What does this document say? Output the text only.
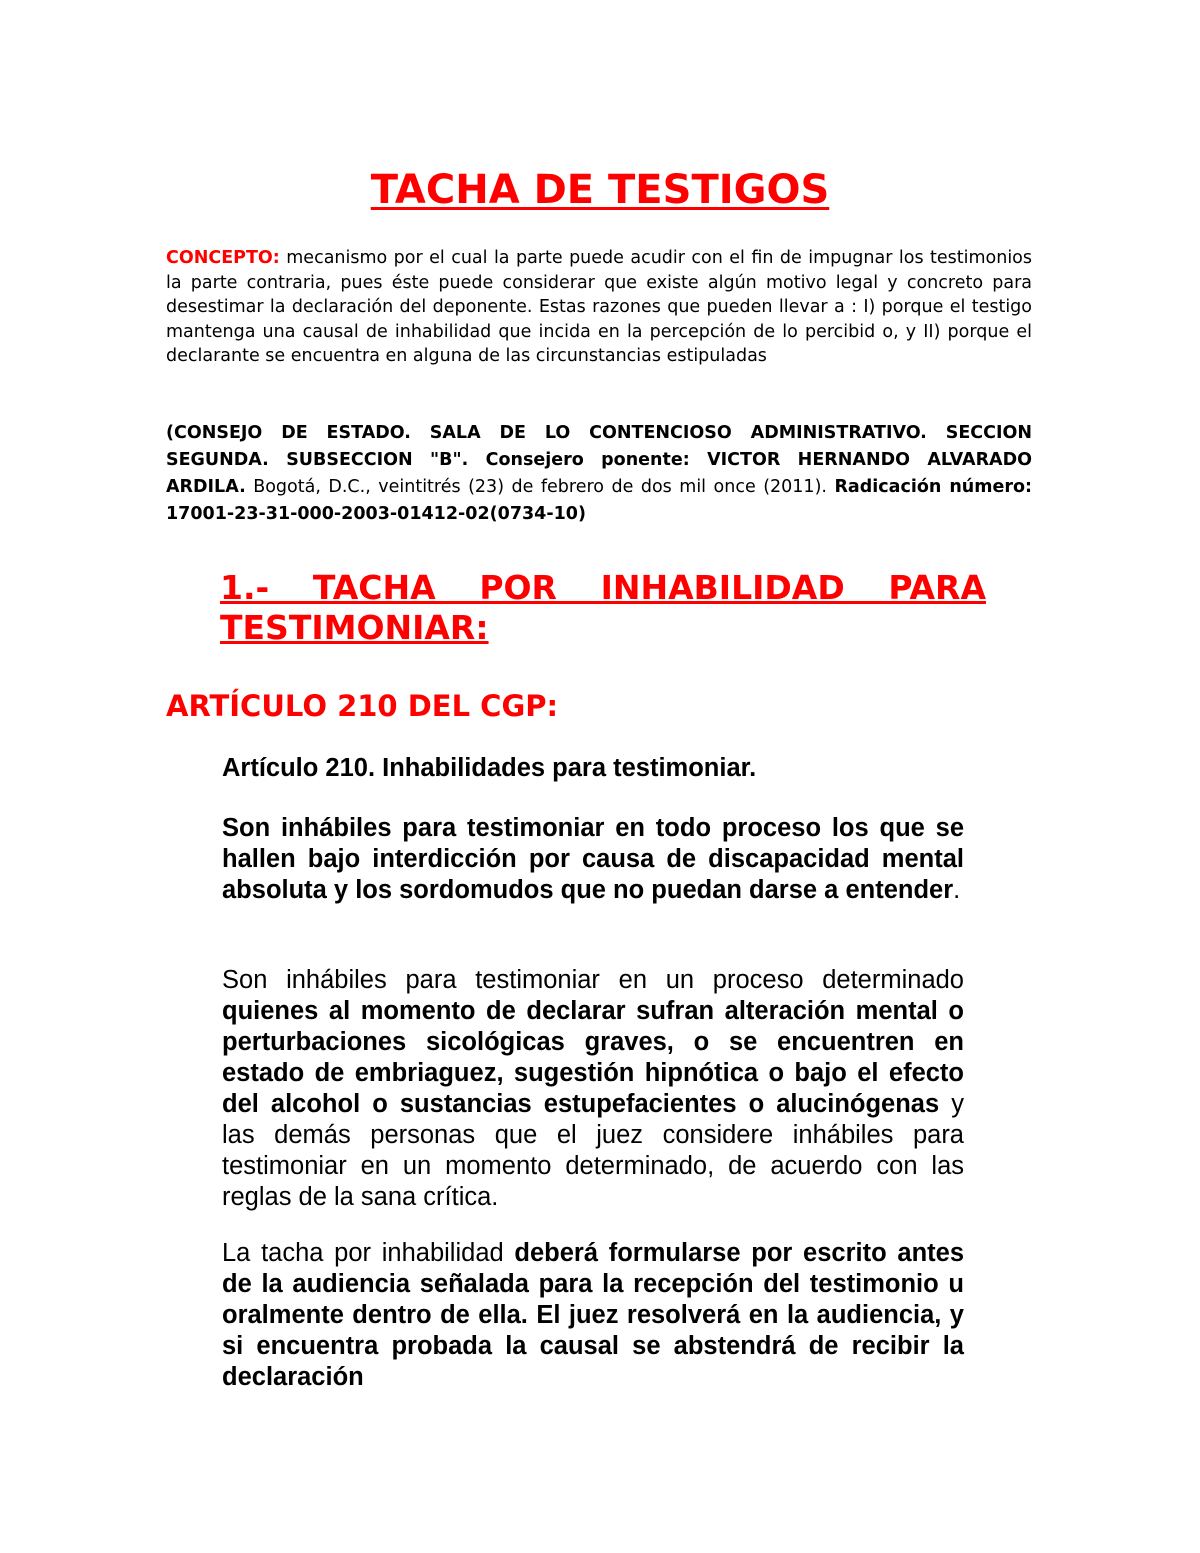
TACHA DE TESTIGOS

CONCEPTO: mecanismo por el cual la parte puede acudir con el fin de impugnar los testimonios la parte contraria, pues éste puede considerar que existe algún motivo legal y concreto para desestimar la declaración del deponente. Estas razones que pueden llevar a : I) porque el testigo mantenga una causal de inhabilidad que incida en la percepción de lo percibid o, y II) porque el declarante se encuentra en alguna de las circunstancias estipuladas

(CONSEJO DE ESTADO. SALA DE LO CONTENCIOSO ADMINISTRATIVO. SECCION SEGUNDA. SUBSECCION "B". Consejero ponente: VICTOR HERNANDO ALVARADO ARDILA. Bogotá, D.C., veintitrés (23) de febrero de dos mil once (2011). Radicación número: 17001-23-31-000-2003-01412-02(0734-10)

1.- TACHA POR INHABILIDAD PARA TESTIMONIAR:

ARTÍCULO 210 DEL CGP:

Artículo 210. Inhabilidades para testimoniar.

Son inhábiles para testimoniar en todo proceso los que se hallen bajo interdicción por causa de discapacidad mental absoluta y los sordomudos que no puedan darse a entender.

Son inhábiles para testimoniar en un proceso determinado quienes al momento de declarar sufran alteración mental o perturbaciones sicológicas graves, o se encuentren en estado de embriaguez, sugestión hipnótica o bajo el efecto del alcohol o sustancias estupefacientes o alucinógenas y las demás personas que el juez considere inhábiles para testimoniar en un momento determinado, de acuerdo con las reglas de la sana crítica.

La tacha por inhabilidad deberá formularse por escrito antes de la audiencia señalada para la recepción del testimonio u oralmente dentro de ella. El juez resolverá en la audiencia, y si encuentra probada la causal se abstendrá de recibir la declaración
